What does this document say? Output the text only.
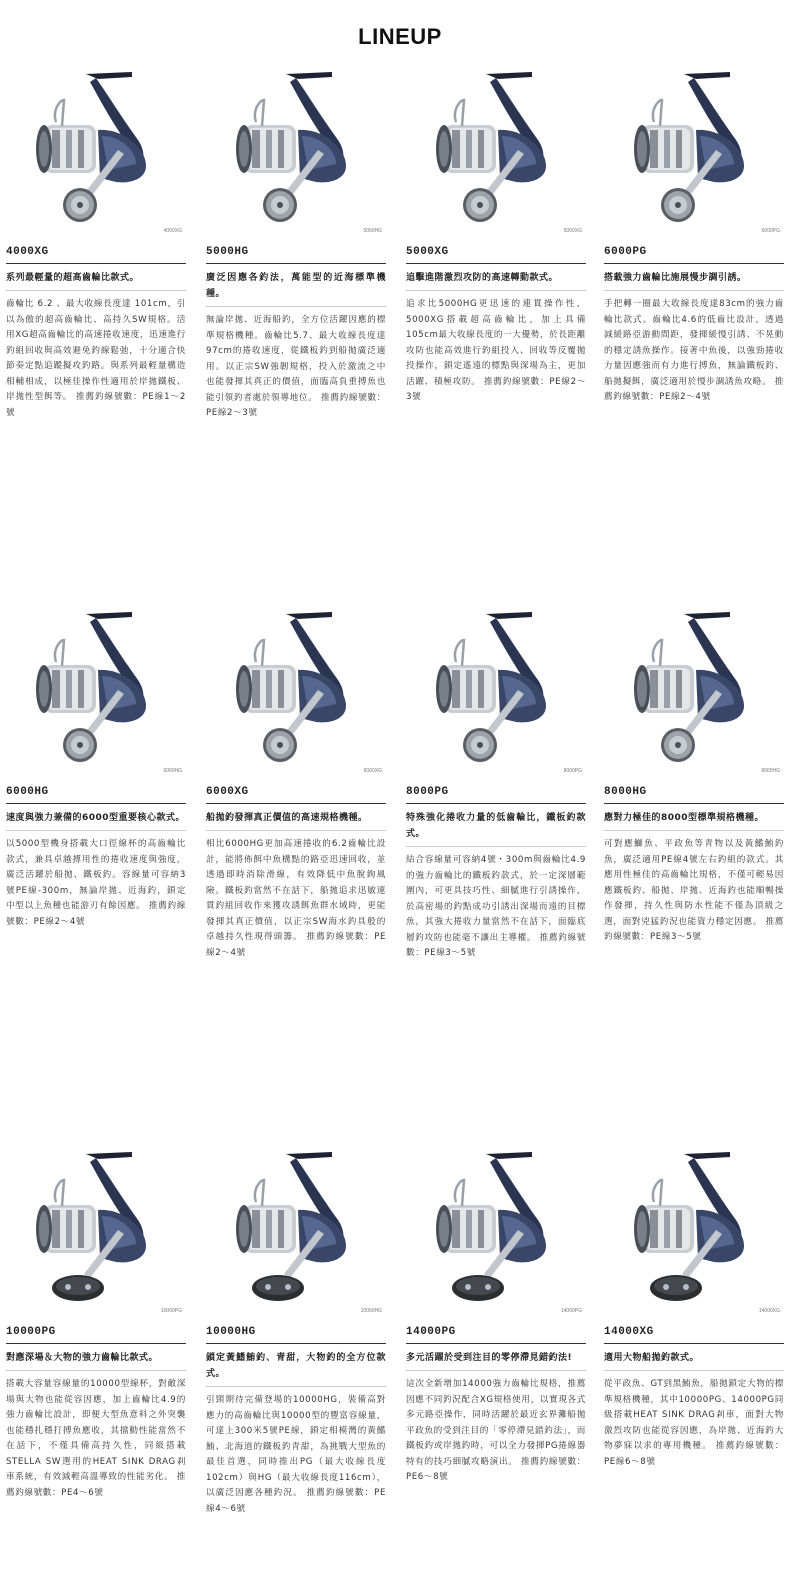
LINEUP
4000XG
4000XG
系列最輕量的超高齒輪比款式。
齒輪比 6.2 、最大收線長度達 101cm，引以為傲的超高齒輪比、高持久SW規格。活用XG超高齒輪比的高速捲收速度，迅速進行釣組回收與高效避免釣線鬆弛，十分適合快節奏定點追蹤擬攻釣路。與系列最輕量構造相輔相成，以極佳操作性適用於岸拋鐵板、岸拋性型餌等。 推薦釣線號數：PE線1～2號
5000HG
5000HG
廣泛因應各釣法，萬能型的近海標準機種。
無論岸拋、近海船釣，全方位活躍因應的標準規格機種。齒輪比5.7、最大收線長度達97cm的捲收速度，從鐵板釣到船拋廣泛適用。以正宗SW強韌規格，投入於激流之中也能發揮其真正的價值，面臨高負重搏魚也能引領釣者處於領導地位。 推薦釣線號數：PE線2～3號
5000XG
5000XG
追擊進階激烈攻防的高速轉動款式。
追求比5000HG更迅速的連貫操作性，5000XG搭載超高齒輪比，加上具備105cm最大收線長度的一大優勢，於長距離攻防也能高效進行釣組投入、回收等反覆拋投操作，鎖定遙遠的標點與深場為主，更加活躍、積極攻防。 推薦釣線號數：PE線2～3號
6000PG
6000PG
搭載強力齒輪比施展慢步調引誘。
手把轉一圈最大收線長度達83cm的強力齒輪比款式。齒輪比4.6的低齒比設計，透過減緩路亞游動間距，發揮緩慢引誘、不晃動的穩定誘魚操作。接著中魚後，以強勁捲收力量因應強而有力進行搏魚，無論鐵板釣、船拋擬餌，廣泛適用於慢步調誘魚攻略。 推薦釣線號數：PE線2～4號
6000HG
6000HG
速度與強力兼備的6000型重要核心款式。
以5000型機身搭載大口徑線杯的高齒輪比款式，兼具卓越搏用性的捲收速度與強度，廣泛活躍於船拋、鐵板釣。容線量可容納3號PE線-300m，無論岸拋、近海釣，鎖定中型以上魚種也能游刃有餘因應。 推薦釣線號數：PE線2～4號
6000XG
6000XG
船拋釣發揮真正價值的高速規格機種。
相比6000HG更加高速捲收的6.2齒輪比設計，能將佈餌中魚構點的路亞迅速回收，並透過即時消除滑線，有效降低中魚脫鉤風險。鐵板釣當然不在話下，船拋追求迅敏連貫釣組回收作來獲攻誘餌魚群水域時，更能發揮其真正價值，以正宗SW海水釣具般的卓越持久性現得頭籌。 推薦釣線號數：PE線2～4號
8000PG
8000PG
特殊強化捲收力量的低齒輪比，鐵板釣款式。
結合容線量可容納4號・300m與齒輪比4.9的強力齒輪比的鐵板釣款式，於一定深層範圍內，可更具技巧性、細膩進行引誘操作，於高密場的釣點成功引誘出深場而遠的目標魚，其強大捲收力量當然不在話下，面臨底層釣攻防也能毫不讓出主導權。 推薦釣線號數：PE線3～5號
8000HG
8000HG
應對力極佳的8000型標準規格機種。
可對應鰤魚、平政魚等青物以及黃鰭鮪釣魚，廣泛適用PE線4號左右釣組的款式。其應用性極佳的高齒輪比規格，不僅可輕易因應鐵板釣、船拋、岸拋、近海釣也能順暢操作發揮，持久性與防水性能不僅為頂級之選，面對兇猛釣況也能資力穩定因應。 推薦釣線號數：PE線3～5號
10000PG
10000PG
對應深場＆大物的強力齒輪比款式。
搭載大容量容線量的10000型線杯，對敵深場與大物也能從容因應，加上齒輪比4.9的強力齒輪比設計，即便大型魚意料之外突襲也能穩扎穩打搏魚應收，其擋動性能當然不在話下，不僅具備高持久性，同級搭載STELLA SW選用的HEAT SINK DRAG剎車系統，有效減輕高溫導致的性能劣化。 推薦釣線號數：PE4～6號
10000HG
10000HG
鎖定黃鰭鮪釣、青甜，大物釣的全方位款式。
引頸期待完備登場的10000HG，裝備高對應力的高齒輪比與10000型的豐富容線量，可達上300米5號PE線，鎖定相模灣的黃鰭鮪、北海道的鐵板釣青甜，為挑戰大型魚的最佳首選，同時推出PG（最大收線長度102cm）與HG（最大收線長度116cm），以廣泛因應各種釣況。 推薦釣線號數：PE線4～6號
14000PG
14000PG
多元活躍於受到注目的零停滯見錯釣法!
這次全新增加14000強力齒輪比規格，推薦因應不同釣況配合XG規格使用，以實現各式多元路亞操作，同時活躍於最近玄界灘船拋平政魚的受到注目的「零停滯見錯釣法」，而鐵板釣或岸拋釣時，可以全力發揮PG捲線器特有的技巧細膩攻略演出。 推薦釣線號數：PE6～8號
14000XG
14000XG
適用大物船拋釣款式。
從平政魚、GT到黑鮪魚，船拋鎖定大物的標準規格機種，其中10000PG、14000PG同級搭載HEAT SINK DRAG剎車，面對大物激烈攻防也能從容因應，為岸拋、近海釣大物夢寐以求的專用機種。 推薦釣線號數：PE線6～8號
